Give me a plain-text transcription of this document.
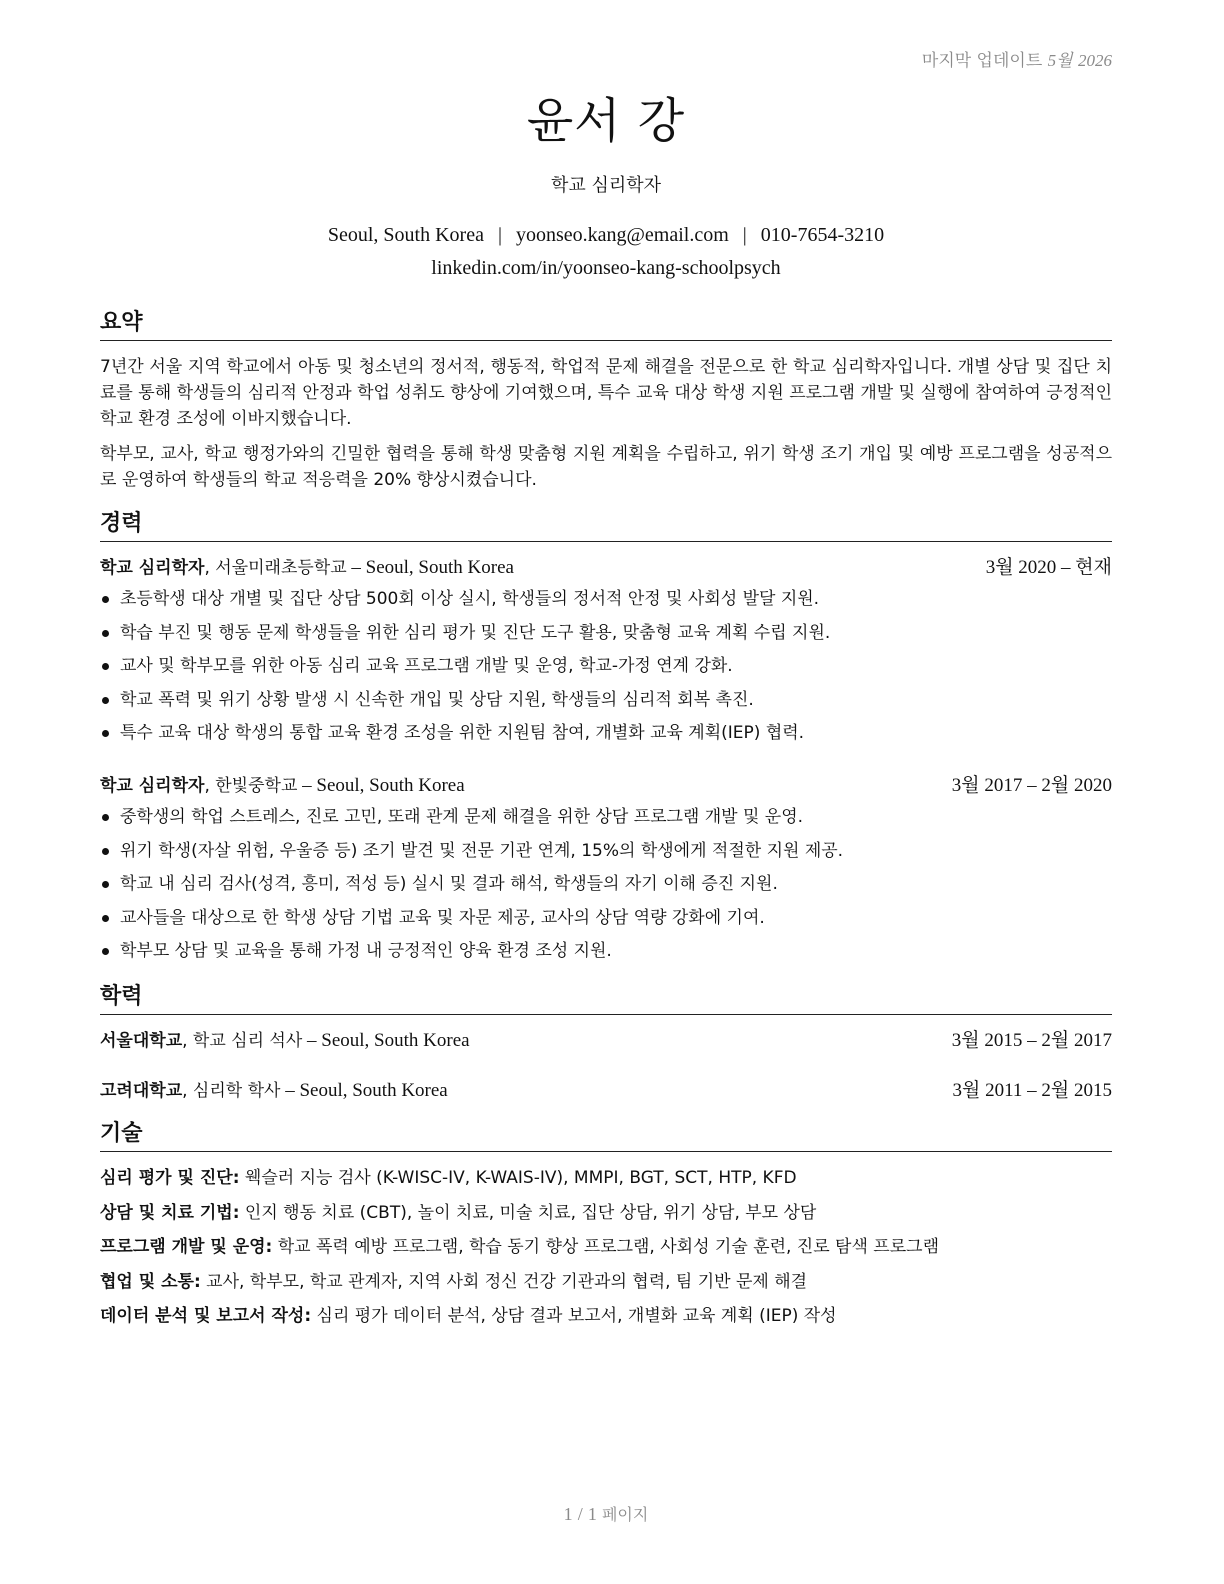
마지막 업데이트 5월 2026
윤서 강
학교 심리학자
Seoul, South Korea | yoonseo.kang@email.com | 010-7654-3210
linkedin.com/in/yoonseo-kang-schoolpsych
요약
7년간 서울 지역 학교에서 아동 및 청소년의 정서적, 행동적, 학업적 문제 해결을 전문으로 한 학교 심리학자입니다. 개별 상담 및 집단 치료를 통해 학생들의 심리적 안정과 학업 성취도 향상에 기여했으며, 특수 교육 대상 학생 지원 프로그램 개발 및 실행에 참여하여 긍정적인 학교 환경 조성에 이바지했습니다.
학부모, 교사, 학교 행정가와의 긴밀한 협력을 통해 학생 맞춤형 지원 계획을 수립하고, 위기 학생 조기 개입 및 예방 프로그램을 성공적으로 운영하여 학생들의 학교 적응력을 20% 향상시켰습니다.
경력
학교 심리학자, 서울미래초등학교 – Seoul, South Korea	3월 2020 – 현재
초등학생 대상 개별 및 집단 상담 500회 이상 실시, 학생들의 정서적 안정 및 사회성 발달 지원.
학습 부진 및 행동 문제 학생들을 위한 심리 평가 및 진단 도구 활용, 맞춤형 교육 계획 수립 지원.
교사 및 학부모를 위한 아동 심리 교육 프로그램 개발 및 운영, 학교-가정 연계 강화.
학교 폭력 및 위기 상황 발생 시 신속한 개입 및 상담 지원, 학생들의 심리적 회복 촉진.
특수 교육 대상 학생의 통합 교육 환경 조성을 위한 지원팀 참여, 개별화 교육 계획(IEP) 협력.
학교 심리학자, 한빛중학교 – Seoul, South Korea	3월 2017 – 2월 2020
중학생의 학업 스트레스, 진로 고민, 또래 관계 문제 해결을 위한 상담 프로그램 개발 및 운영.
위기 학생(자살 위험, 우울증 등) 조기 발견 및 전문 기관 연계, 15%의 학생에게 적절한 지원 제공.
학교 내 심리 검사(성격, 흥미, 적성 등) 실시 및 결과 해석, 학생들의 자기 이해 증진 지원.
교사들을 대상으로 한 학생 상담 기법 교육 및 자문 제공, 교사의 상담 역량 강화에 기여.
학부모 상담 및 교육을 통해 가정 내 긍정적인 양육 환경 조성 지원.
학력
서울대학교, 학교 심리 석사 – Seoul, South Korea	3월 2015 – 2월 2017
고려대학교, 심리학 학사 – Seoul, South Korea	3월 2011 – 2월 2015
기술
심리 평가 및 진단: 웩슬러 지능 검사 (K-WISC-IV, K-WAIS-IV), MMPI, BGT, SCT, HTP, KFD
상담 및 치료 기법: 인지 행동 치료 (CBT), 놀이 치료, 미술 치료, 집단 상담, 위기 상담, 부모 상담
프로그램 개발 및 운영: 학교 폭력 예방 프로그램, 학습 동기 향상 프로그램, 사회성 기술 훈련, 진로 탐색 프로그램
협업 및 소통: 교사, 학부모, 학교 관계자, 지역 사회 정신 건강 기관과의 협력, 팀 기반 문제 해결
데이터 분석 및 보고서 작성: 심리 평가 데이터 분석, 상담 결과 보고서, 개별화 교육 계획 (IEP) 작성
1 / 1 페이지
